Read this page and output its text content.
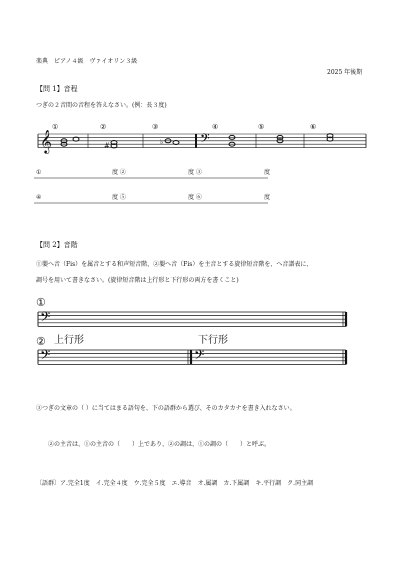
楽典　ピアノ４級　ヴァイオリン３級
2025 年後期
【問 1】音程
つぎの２音間の音程を答えなさい。(例：長３度)
𝄞	𝄢
#	♭
𝄢
𝄢	𝄢
①	②	③	④	⑤	⑥
①	度 ②	度 ③	度
④	度 ⑤	度 ⑥	度
【問 2】音階
①嬰へ音（Fis）を属音とする和声短音階、②嬰へ音（Fis）を主音とする旋律短音階を、へ音譜表に、
調号を用いて書きなさい。(旋律短音階は上行形と下行形の両方を書くこと)
①
② 上行形	下行形
③つぎの文章の（ ）に当てはまる語句を、下の語群から選び、そのカタカナを書き入れなさい。
②の主音は、①の主音の（　　）上であり、②の調は、①の調の（　　）と呼ぶ。
〔語群〕ア.完全1度　イ.完全４度　ウ.完全５度　エ.導音　オ.属調　カ.下属調　キ.平行調　ク.同主調
